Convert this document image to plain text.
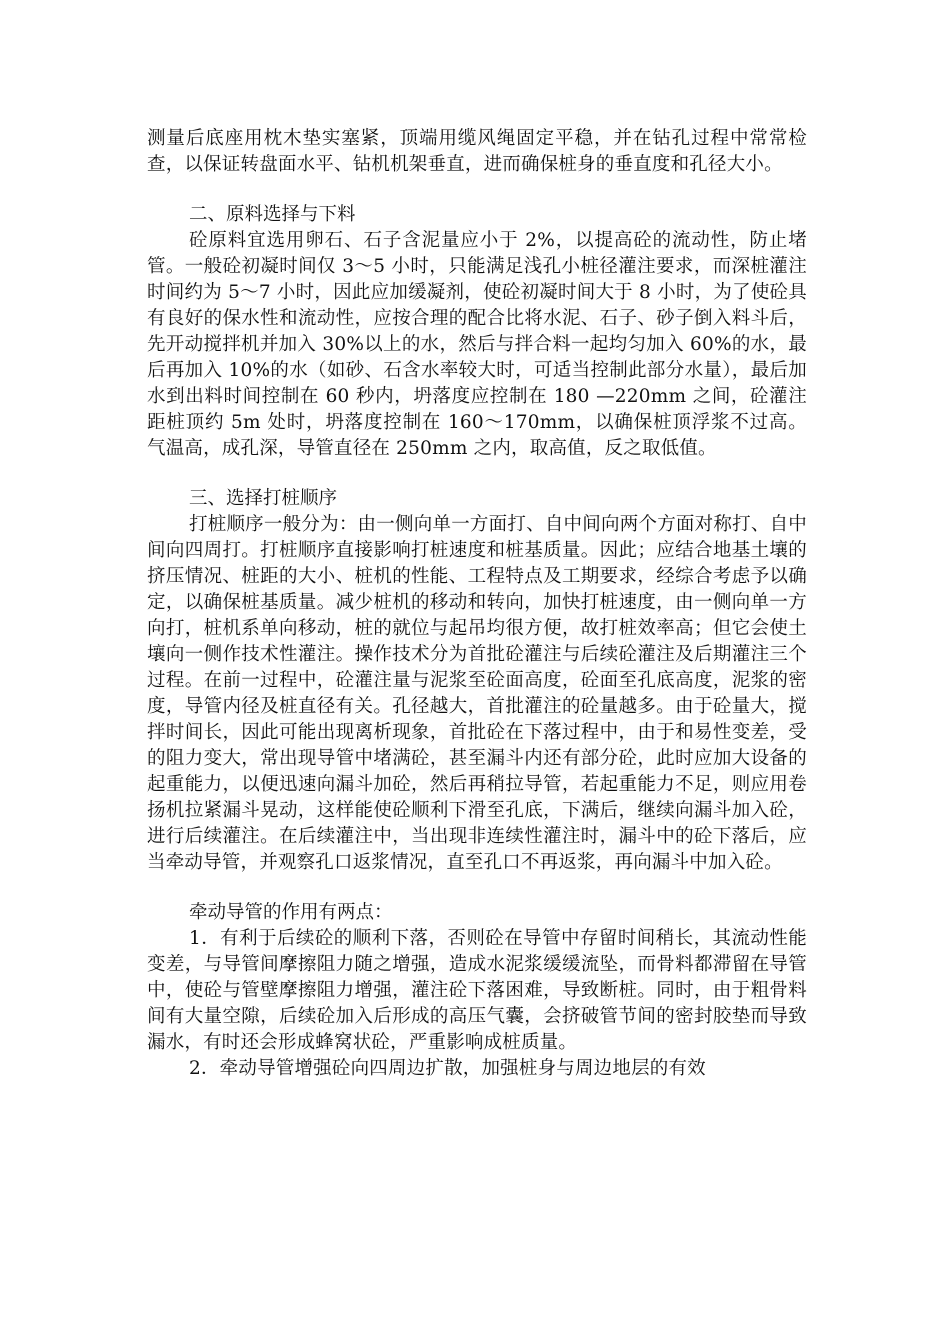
测量后底座用枕木垫实塞紧，顶端用缆风绳固定平稳，并在钻孔过程中常常检查，以保证转盘面水平、钻机机架垂直，进而确保桩身的垂直度和孔径大小。

二、原料选择与下料

砼原料宜选用卵石、石子含泥量应小于 2%，以提高砼的流动性，防止堵管。一般砼初凝时间仅 3～5 小时，只能满足浅孔小桩径灌注要求，而深桩灌注时间约为 5～7 小时，因此应加缓凝剂，使砼初凝时间大于 8 小时，为了使砼具有良好的保水性和流动性，应按合理的配合比将水泥、石子、砂子倒入料斗后，先开动搅拌机并加入 30%以上的水，然后与拌合料一起均匀加入 60%的水，最后再加入 10%的水（如砂、石含水率较大时，可适当控制此部分水量），最后加水到出料时间控制在 60 秒内，坍落度应控制在 180 —220mm 之间，砼灌注距桩顶约 5m 处时，坍落度控制在 160～170mm，以确保桩顶浮浆不过高。气温高，成孔深，导管直径在 250mm 之内，取高值，反之取低值。

三、选择打桩顺序

打桩顺序一般分为：由一侧向单一方面打、自中间向两个方面对称打、自中间向四周打。打桩顺序直接影响打桩速度和桩基质量。因此；应结合地基土壤的挤压情况、桩距的大小、桩机的性能、工程特点及工期要求，经综合考虑予以确定，以确保桩基质量。减少桩机的移动和转向，加快打桩速度，由一侧向单一方向打，桩机系单向移动，桩的就位与起吊均很方便，故打桩效率高；但它会使土壤向一侧作技术性灌注。操作技术分为首批砼灌注与后续砼灌注及后期灌注三个过程。在前一过程中，砼灌注量与泥浆至砼面高度，砼面至孔底高度，泥浆的密度，导管内径及桩直径有关。孔径越大，首批灌注的砼量越多。由于砼量大，搅拌时间长，因此可能出现离析现象，首批砼在下落过程中，由于和易性变差，受的阻力变大，常出现导管中堵满砼，甚至漏斗内还有部分砼，此时应加大设备的起重能力，以便迅速向漏斗加砼，然后再稍拉导管，若起重能力不足，则应用卷扬机拉紧漏斗晃动，这样能使砼顺利下滑至孔底，下满后，继续向漏斗加入砼，进行后续灌注。在后续灌注中，当出现非连续性灌注时，漏斗中的砼下落后，应当牵动导管，并观察孔口返浆情况，直至孔口不再返浆，再向漏斗中加入砼。

牵动导管的作用有两点：

1．有利于后续砼的顺利下落，否则砼在导管中存留时间稍长，其流动性能变差，与导管间摩擦阻力随之增强，造成水泥浆缓缓流坠，而骨料都滞留在导管中，使砼与管壁摩擦阻力增强，灌注砼下落困难，导致断桩。同时，由于粗骨料间有大量空隙，后续砼加入后形成的高压气囊，会挤破管节间的密封胶垫而导致漏水，有时还会形成蜂窝状砼，严重影响成桩质量。

2．牵动导管增强砼向四周边扩散，加强桩身与周边地层的有效
